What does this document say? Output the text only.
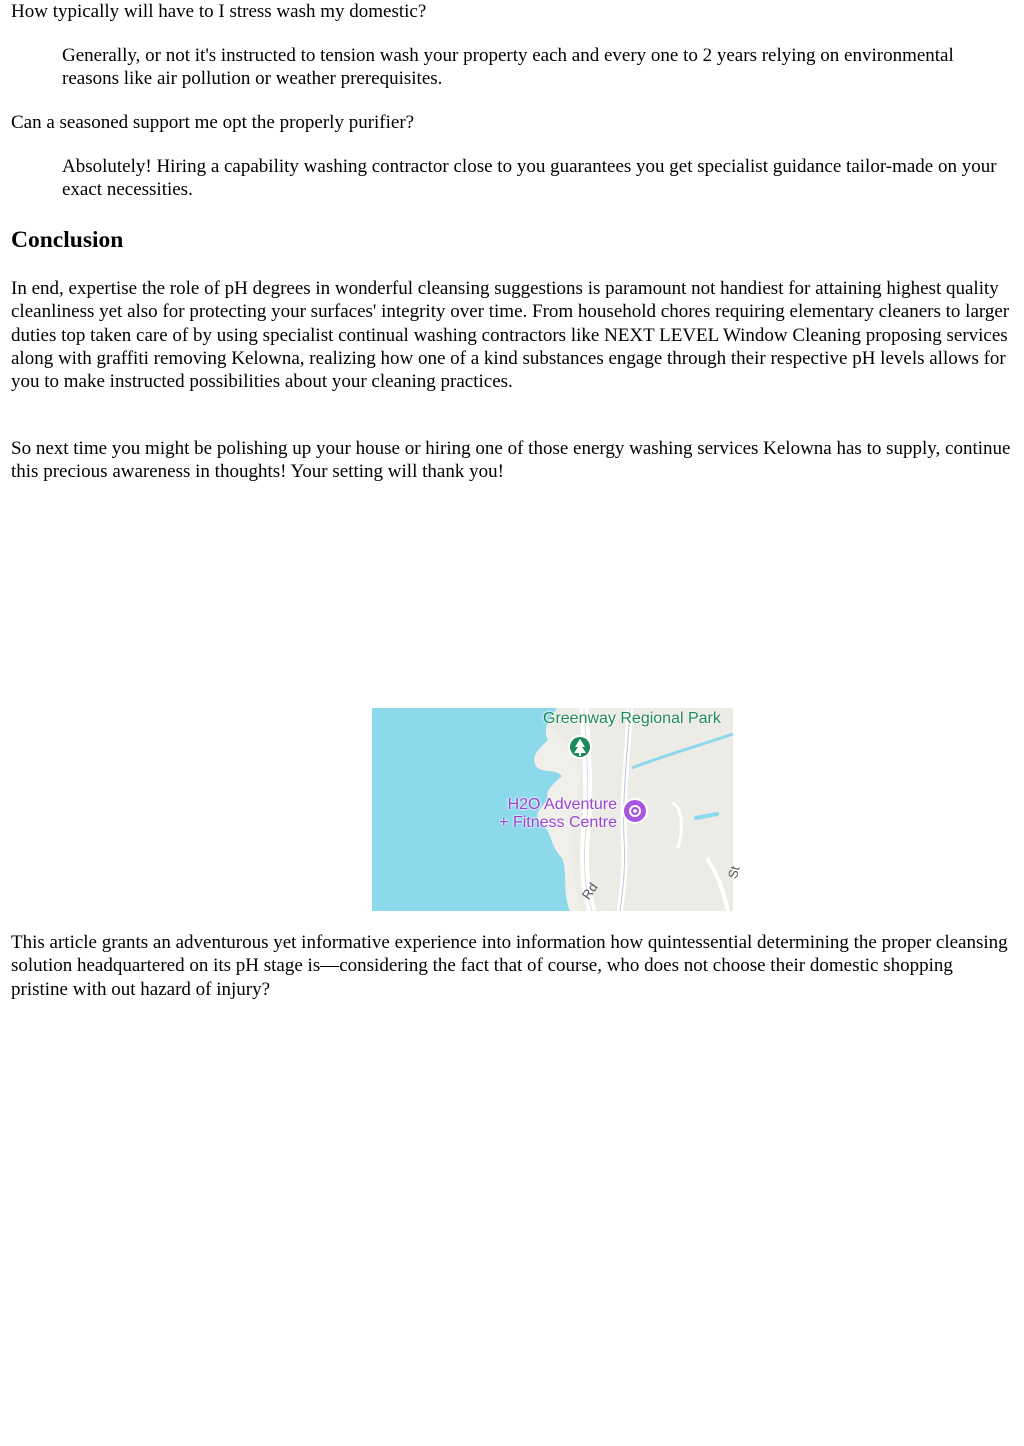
How typically will have to I stress wash my domestic?

Generally, or not it's instructed to tension wash your property each and every one to 2 years relying on environmental reasons like air pollution or weather prerequisites.

Can a seasoned support me opt the properly purifier?

Absolutely! Hiring a capability washing contractor close to you guarantees you get specialist guidance tailor-made on your exact necessities.

Conclusion

In end, expertise the role of pH degrees in wonderful cleansing suggestions is paramount not handiest for attaining highest quality cleanliness yet also for protecting your surfaces' integrity over time. From household chores requiring elementary cleaners to larger duties top taken care of by using specialist continual washing contractors like NEXT LEVEL Window Cleaning proposing services along with graffiti removing Kelowna, realizing how one of a kind substances engage through their respective pH levels allows for you to make instructed possibilities about your cleaning practices.

So next time you might be polishing up your house or hiring one of those energy washing services Kelowna has to supply, continue this precious awareness in thoughts! Your setting will thank you!

This article grants an adventurous yet informative experience into information how quintessential determining the proper cleansing solution headquartered on its pH stage is—considering the fact that of course, who does not choose their domestic shopping pristine with out hazard of injury?

Greenway Regional Park
H2O Adventure
+ Fitness Centre
Rd
St
